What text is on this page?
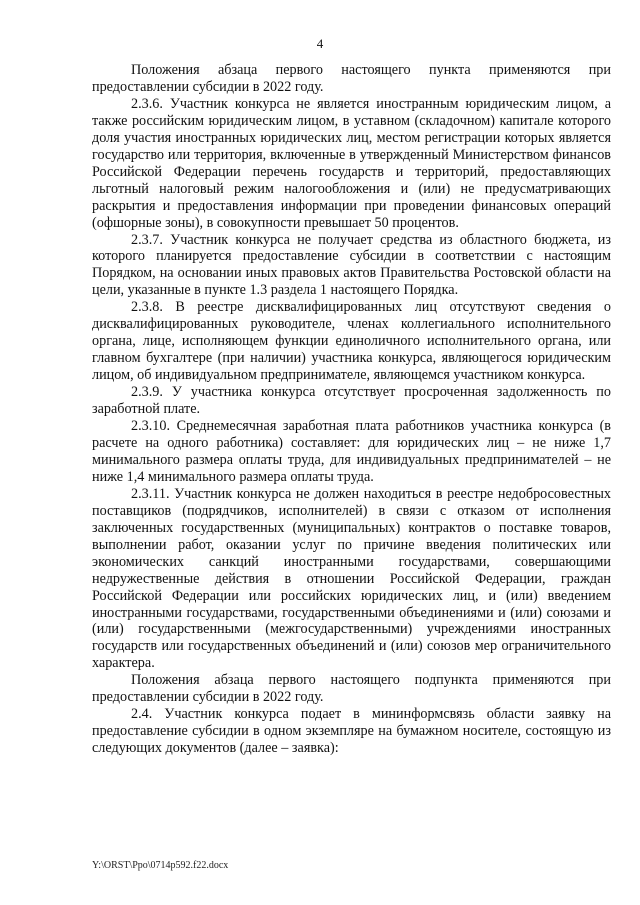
4

Положения абзаца первого настоящего пункта применяются при предоставлении субсидии в 2022 году.

2.3.6. Участник конкурса не является иностранным юридическим лицом, а также российским юридическим лицом, в уставном (складочном) капитале которого доля участия иностранных юридических лиц, местом регистрации которых является государство или территория, включенные в утвержденный Министерством финансов Российской Федерации перечень государств и территорий, предоставляющих льготный налоговый режим налогообложения и (или) не предусматривающих раскрытия и предоставления информации при проведении финансовых операций (офшорные зоны), в совокупности превышает 50 процентов.

2.3.7. Участник конкурса не получает средства из областного бюджета, из которого планируется предоставление субсидии в соответствии с настоящим Порядком, на основании иных правовых актов Правительства Ростовской области на цели, указанные в пункте 1.3 раздела 1 настоящего Порядка.

2.3.8. В реестре дисквалифицированных лиц отсутствуют сведения о дисквалифицированных руководителе, членах коллегиального исполнительного органа, лице, исполняющем функции единоличного исполнительного органа, или главном бухгалтере (при наличии) участника конкурса, являющегося юридическим лицом, об индивидуальном предпринимателе, являющемся участником конкурса.

2.3.9. У участника конкурса отсутствует просроченная задолженность по заработной плате.

2.3.10. Среднемесячная заработная плата работников участника конкурса (в расчете на одного работника) составляет: для юридических лиц – не ниже 1,7 минимального размера оплаты труда, для индивидуальных предпринимателей – не ниже 1,4 минимального размера оплаты труда.

2.3.11. Участник конкурса не должен находиться в реестре недобросовестных поставщиков (подрядчиков, исполнителей) в связи с отказом от исполнения заключенных государственных (муниципальных) контрактов о поставке товаров, выполнении работ, оказании услуг по причине введения политических или экономических санкций иностранными государствами, совершающими недружественные действия в отношении Российской Федерации, граждан Российской Федерации или российских юридических лиц, и (или) введением иностранными государствами, государственными объединениями и (или) союзами и (или) государственными (межгосударственными) учреждениями иностранных государств или государственных объединений и (или) союзов мер ограничительного характера.

Положения абзаца первого настоящего подпункта применяются при предоставлении субсидии в 2022 году.

2.4. Участник конкурса подает в мининформсвязь области заявку на предоставление субсидии в одном экземпляре на бумажном носителе, состоящую из следующих документов (далее – заявка):

Y:\ORST\Ppo\0714p592.f22.docx
